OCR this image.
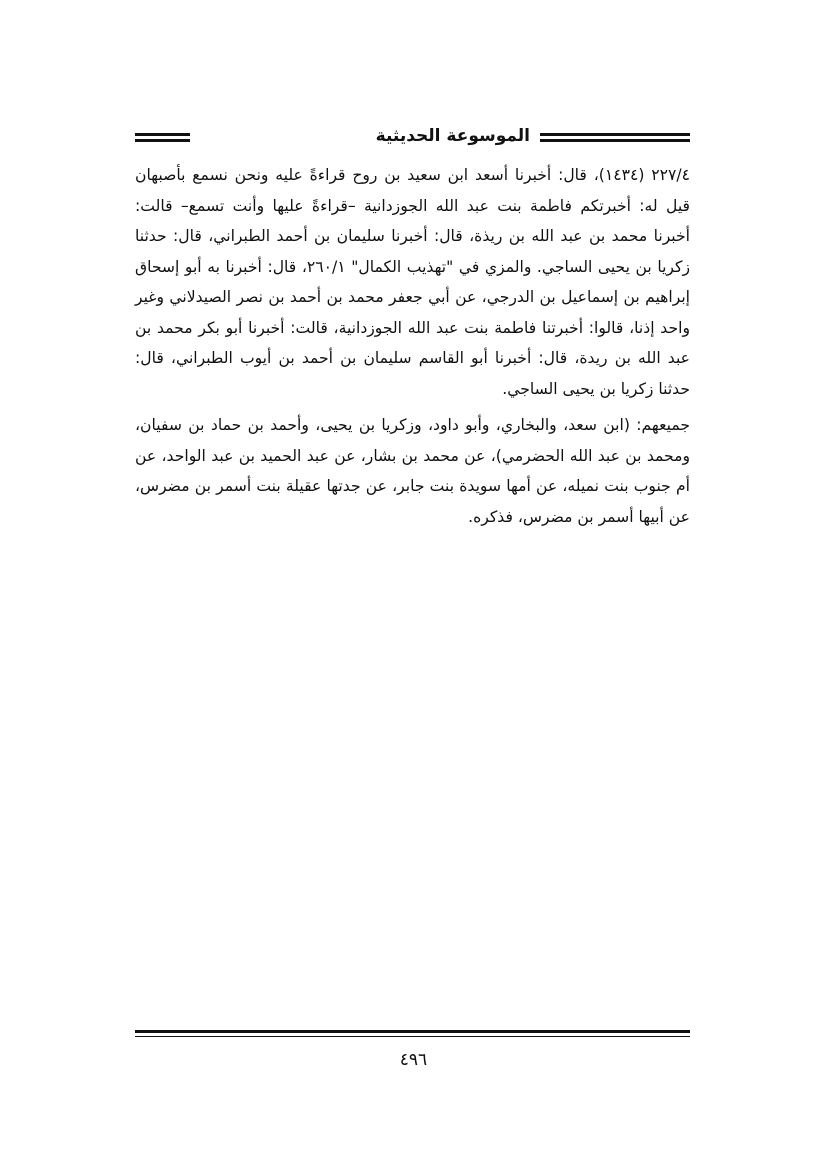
الموسوعة الحديثية

٢٢٧/٤ (١٤٣٤)، قال: أخبرنا أسعد ابن سعيد بن روح قراءةً عليه ونحن نسمع بأصبهان قيل له: أخبرتكم فاطمة بنت عبد الله الجوزدانية –قراءةً عليها وأنت تسمع– قالت: أخبرنا محمد بن عبد الله بن ريذة، قال: أخبرنا سليمان بن أحمد الطبراني، قال: حدثنا زكريا بن يحيى الساجي. والمزي في "تهذيب الكمال" ٢٦٠/١، قال: أخبرنا به أبو إسحاق إبراهيم بن إسماعيل بن الدرجي، عن أبي جعفر محمد بن أحمد بن نصر الصيدلاني وغير واحد إذنا، قالوا: أخبرتنا فاطمة بنت عبد الله الجوزدانية، قالت: أخبرنا أبو بكر محمد بن عبد الله بن ريدة، قال: أخبرنا أبو القاسم سليمان بن أحمد بن أيوب الطبراني، قال: حدثنا زكريا بن يحيى الساجي.

جميعهم: (ابن سعد، والبخاري، وأبو داود، وزكريا بن يحيى، وأحمد بن حماد بن سفيان، ومحمد بن عبد الله الحضرمي)، عن محمد بن بشار، عن عبد الحميد بن عبد الواحد، عن أم جنوب بنت نميله، عن أمها سويدة بنت جابر، عن جدتها عقيلة بنت أسمر بن مضرس، عن أبيها أسمر بن مضرس، فذكره.

٤٩٦
